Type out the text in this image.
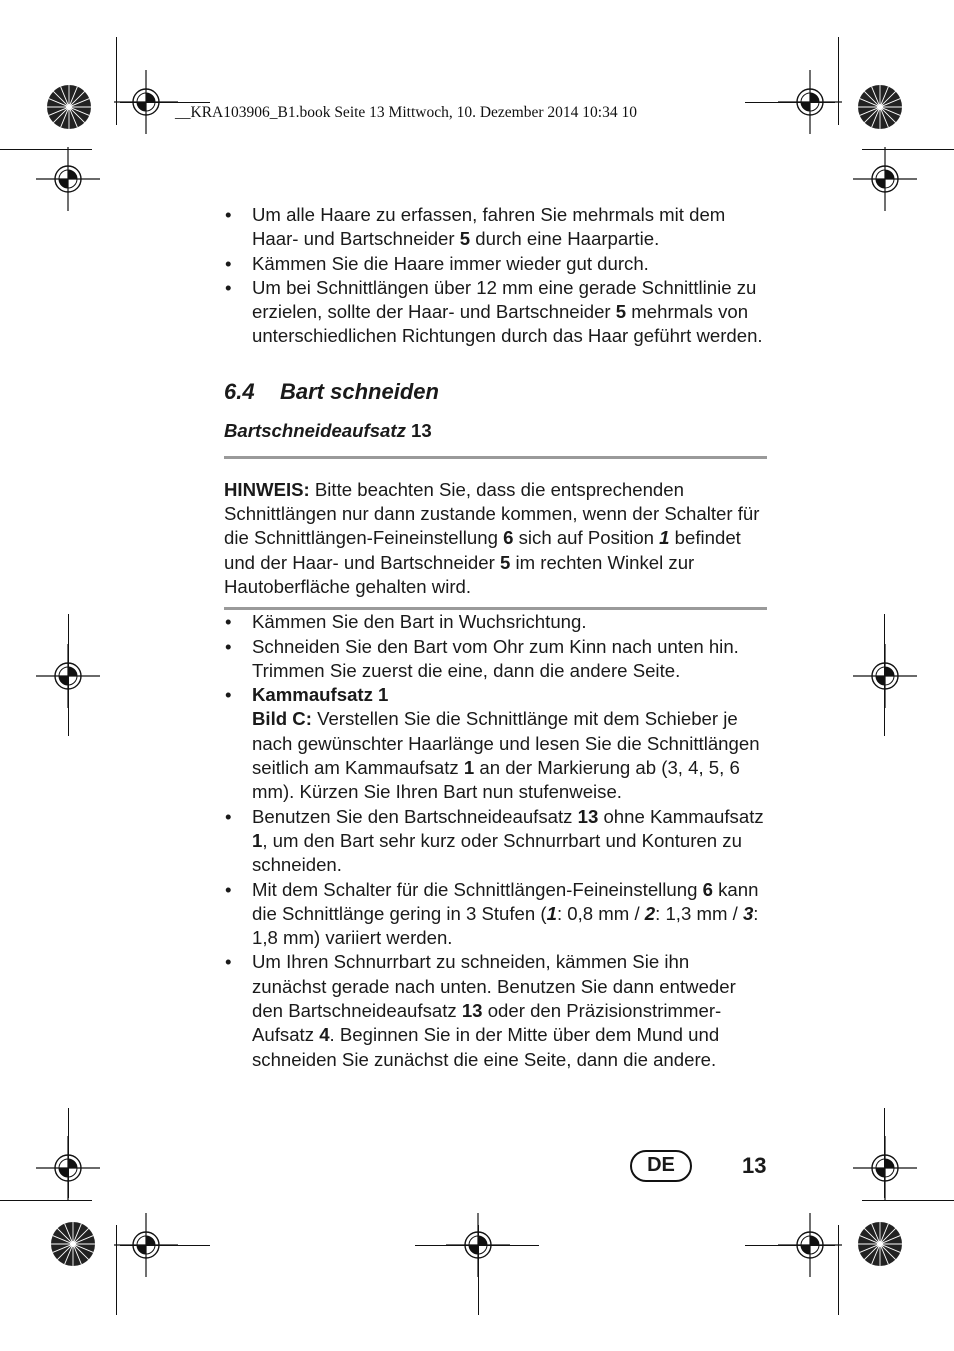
__KRA103906_B1.book Seite 13 Mittwoch, 10. Dezember 2014 10:34 10
• Um alle Haare zu erfassen, fahren Sie mehrmals mit dem Haar- und Bartschneider 5 durch eine Haarpartie.
• Kämmen Sie die Haare immer wieder gut durch.
• Um bei Schnittlängen über 12 mm eine gerade Schnittlinie zu erzielen, sollte der Haar- und Bartschneider 5 mehrmals von unterschiedlichen Richtungen durch das Haar geführt werden.
6.4 Bart schneiden
Bartschneideaufsatz 13
HINWEIS: Bitte beachten Sie, dass die entsprechenden Schnittlängen nur dann zustande kommen, wenn der Schalter für die Schnittlängen-Feineinstellung 6 sich auf Position 1 befindet und der Haar- und Bartschneider 5 im rechten Winkel zur Hautoberfläche gehalten wird.
• Kämmen Sie den Bart in Wuchsrichtung.
• Schneiden Sie den Bart vom Ohr zum Kinn nach unten hin. Trimmen Sie zuerst die eine, dann die andere Seite.
• Kammaufsatz 1
Bild C: Verstellen Sie die Schnittlänge mit dem Schieber je nach gewünschter Haarlänge und lesen Sie die Schnittlängen seitlich am Kammaufsatz 1 an der Markierung ab (3, 4, 5, 6 mm). Kürzen Sie Ihren Bart nun stufenweise.
• Benutzen Sie den Bartschneideaufsatz 13 ohne Kammaufsatz 1, um den Bart sehr kurz oder Schnurrbart und Konturen zu schneiden.
• Mit dem Schalter für die Schnittlängen-Feineinstellung 6 kann die Schnittlänge gering in 3 Stufen (1: 0,8 mm / 2: 1,3 mm / 3: 1,8 mm) variiert werden.
• Um Ihren Schnurrbart zu schneiden, kämmen Sie ihn zunächst gerade nach unten. Benutzen Sie dann entweder den Bartschneideaufsatz 13 oder den Präzisionstrimmer-Aufsatz 4. Beginnen Sie in der Mitte über dem Mund und schneiden Sie zunächst die eine Seite, dann die andere.
DE	13
